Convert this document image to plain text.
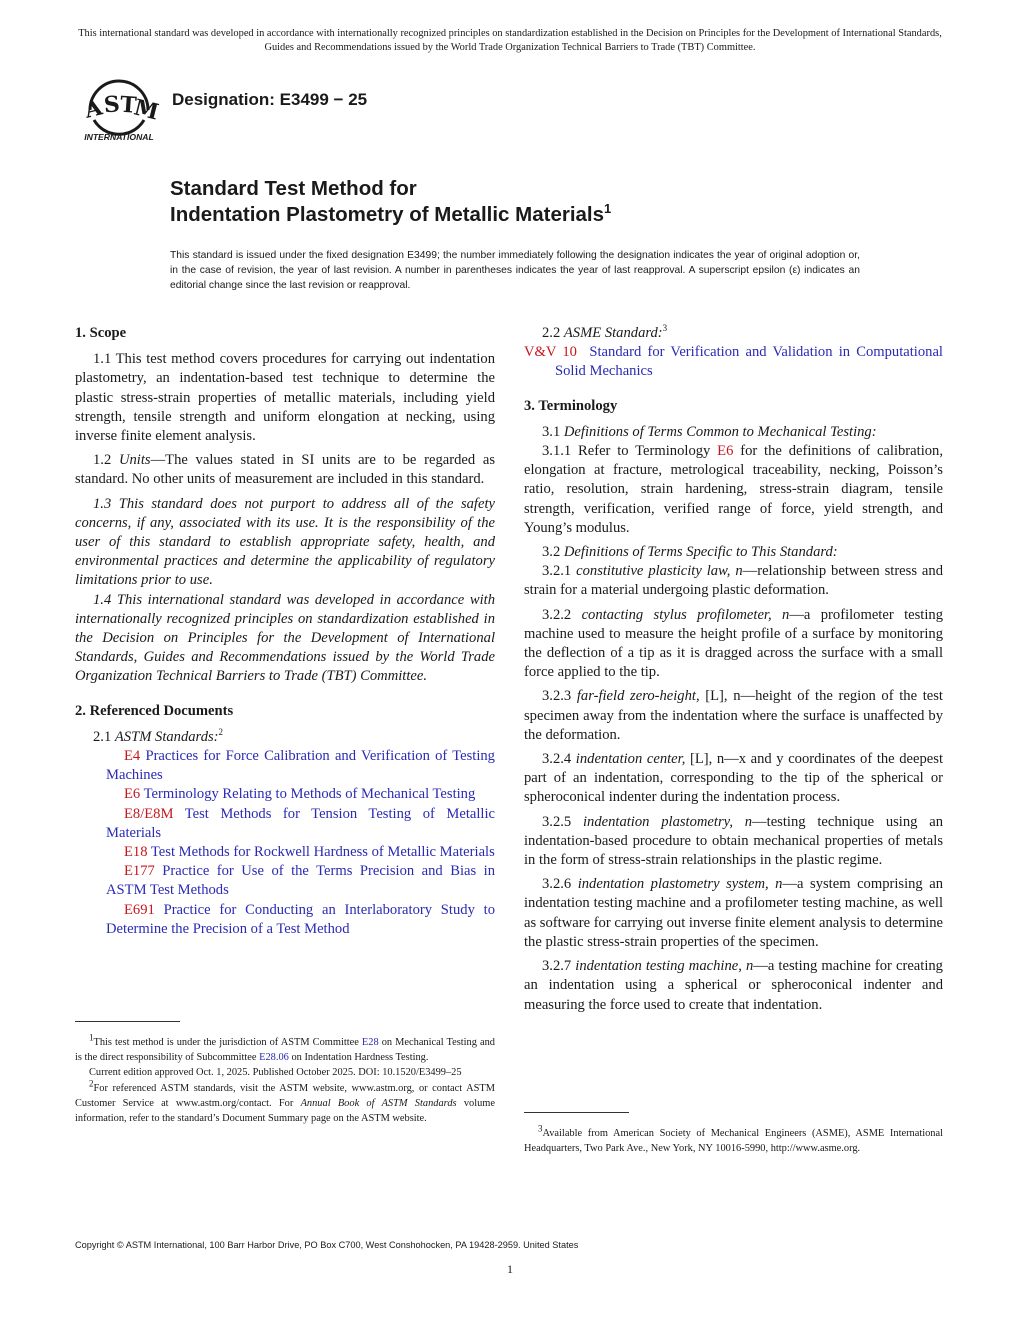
This international standard was developed in accordance with internationally recognized principles on standardization established in the Decision on Principles for the Development of International Standards, Guides and Recommendations issued by the World Trade Organization Technical Barriers to Trade (TBT) Committee.
A
S
T
M
INTERNATIONAL
Designation: E3499 − 25
Standard Test Method for
Indentation Plastometry of Metallic Materials$^1$
This standard is issued under the fixed designation E3499; the number immediately following the designation indicates the year of original adoption or, in the case of revision, the year of last revision. A number in parentheses indicates the year of last reapproval. A superscript epsilon (ε) indicates an editorial change since the last revision or reapproval.
1. Scope

1.1 This test method covers procedures for carrying out indentation plastometry, an indentation-based test technique to determine the plastic stress-strain properties of metallic materials, including yield strength, tensile strength and uniform elongation at necking, using inverse finite element analysis.

1.2 Units—The values stated in SI units are to be regarded as standard. No other units of measurement are included in this standard.

1.3 This standard does not purport to address all of the safety concerns, if any, associated with its use. It is the responsibility of the user of this standard to establish appropriate safety, health, and environmental practices and determine the applicability of regulatory limitations prior to use.

1.4 This international standard was developed in accordance with internationally recognized principles on standardization established in the Decision on Principles for the Development of International Standards, Guides and Recommendations issued by the World Trade Organization Technical Barriers to Trade (TBT) Committee.

2. Referenced Documents

2.1 ASTM Standards:$^2$

E4 Practices for Force Calibration and Verification of Testing Machines

E6 Terminology Relating to Methods of Mechanical Testing

E8/E8M Test Methods for Tension Testing of Metallic Materials

E18 Test Methods for Rockwell Hardness of Metallic Materials

E177 Practice for Use of the Terms Precision and Bias in ASTM Test Methods

E691 Practice for Conducting an Interlaboratory Study to Determine the Precision of a Test Method

$^1$This test method is under the jurisdiction of ASTM Committee E28 on Mechanical Testing and is the direct responsibility of Subcommittee E28.06 on Indentation Hardness Testing.

Current edition approved Oct. 1, 2025. Published October 2025. DOI: 10.1520/E3499–25

$^2$For referenced ASTM standards, visit the ASTM website, www.astm.org, or contact ASTM Customer Service at www.astm.org/contact. For Annual Book of ASTM Standards volume information, refer to the standard’s Document Summary page on the ASTM website.

2.2 ASME Standard:$^3$

V&V 10 Standard for Verification and Validation in Computational Solid Mechanics

3. Terminology

3.1 Definitions of Terms Common to Mechanical Testing:

3.1.1 Refer to Terminology E6 for the definitions of calibration, elongation at fracture, metrological traceability, necking, Poisson’s ratio, resolution, strain hardening, stress-strain diagram, tensile strength, verification, verified range of force, yield strength, and Young’s modulus.

3.2 Definitions of Terms Specific to This Standard:

3.2.1 constitutive plasticity law, n—relationship between stress and strain for a material undergoing plastic deformation.

3.2.2 contacting stylus profilometer, n—a profilometer testing machine used to measure the height profile of a surface by monitoring the deflection of a tip as it is dragged across the surface with a small force applied to the tip.

3.2.3 far-field zero-height, [L], n—height of the region of the test specimen away from the indentation where the surface is unaffected by the deformation.

3.2.4 indentation center, [L], n—x and y coordinates of the deepest part of an indentation, corresponding to the tip of the spherical or spheroconical indenter during the indentation process.

3.2.5 indentation plastometry, n—testing technique using an indentation-based procedure to obtain mechanical properties of metals in the form of stress-strain relationships in the plastic regime.

3.2.6 indentation plastometry system, n—a system comprising an indentation testing machine and a profilometer testing machine, as well as software for carrying out inverse finite element analysis to determine the plastic stress-strain properties of the specimen.

3.2.7 indentation testing machine, n—a testing machine for creating an indentation using a spherical or spheroconical indenter and measuring the force used to create that indentation.

$^3$Available from American Society of Mechanical Engineers (ASME), ASME International Headquarters, Two Park Ave., New York, NY 10016-5990, http://www.asme.org.

Copyright © ASTM International, 100 Barr Harbor Drive, PO Box C700, West Conshohocken, PA 19428-2959. United States
1
